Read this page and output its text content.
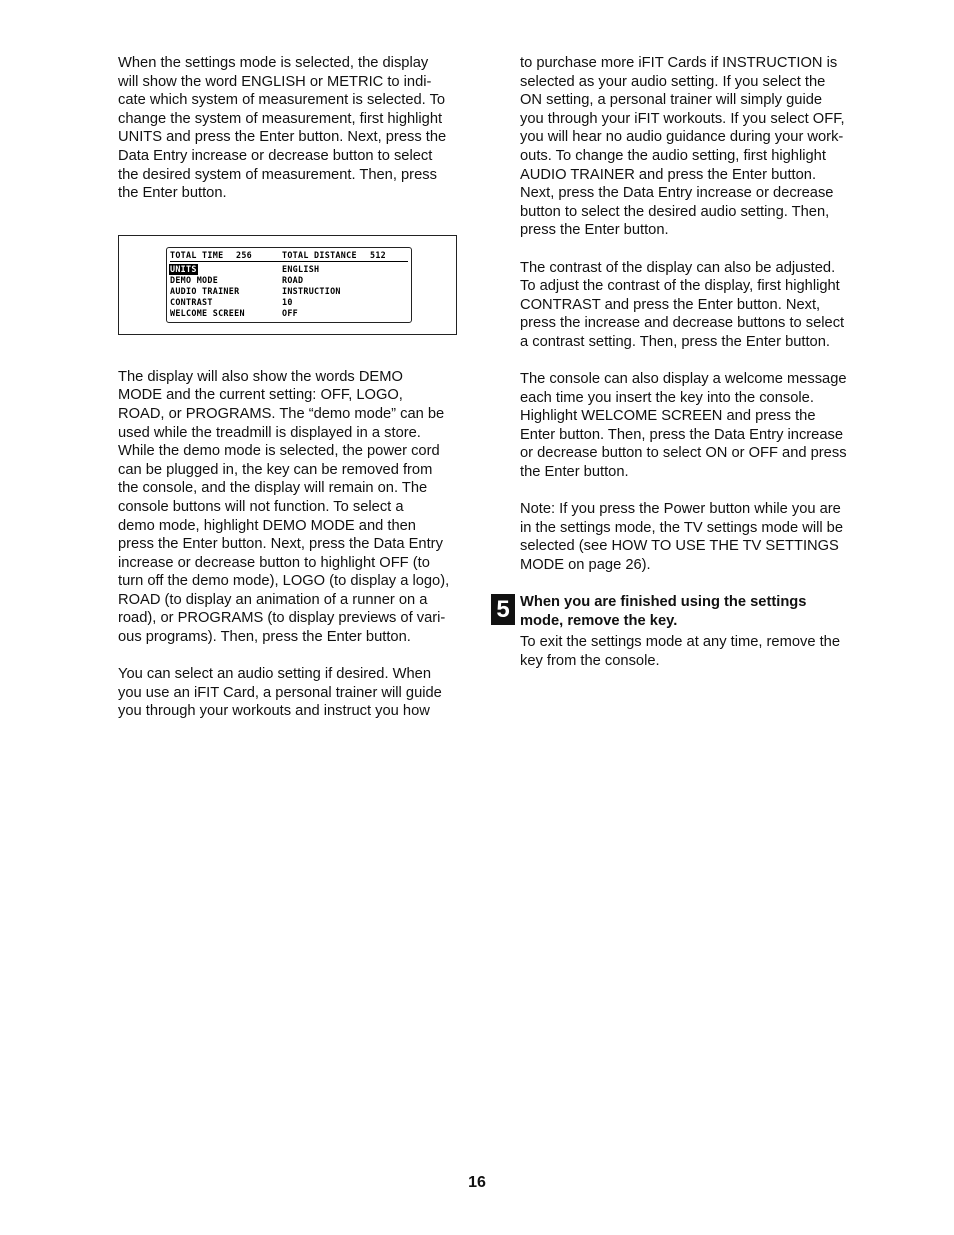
When the settings mode is selected, the display
will show the word ENGLISH or METRIC to indi-
cate which system of measurement is selected. To
change the system of measurement, first highlight
UNITS and press the Enter button. Next, press the
Data Entry increase or decrease button to select
the desired system of measurement. Then, press
the Enter button.

TOTAL TIME 256	TOTAL DISTANCE 512
UNITS	ENGLISH
DEMO MODE	ROAD
AUDIO TRAINER	INSTRUCTION
CONTRAST	10
WELCOME SCREEN	OFF

The display will also show the words DEMO
MODE and the current setting: OFF, LOGO,
ROAD, or PROGRAMS. The “demo mode” can be
used while the treadmill is displayed in a store.
While the demo mode is selected, the power cord
can be plugged in, the key can be removed from
the console, and the display will remain on. The
console buttons will not function. To select a
demo mode, highlight DEMO MODE and then
press the Enter button. Next, press the Data Entry
increase or decrease button to highlight OFF (to
turn off the demo mode), LOGO (to display a logo),
ROAD (to display an animation of a runner on a
road), or PROGRAMS (to display previews of vari-
ous programs). Then, press the Enter button.

You can select an audio setting if desired. When
you use an iFIT Card, a personal trainer will guide
you through your workouts and instruct you how

to purchase more iFIT Cards if INSTRUCTION is
selected as your audio setting. If you select the
ON setting, a personal trainer will simply guide
you through your iFIT workouts. If you select OFF,
you will hear no audio guidance during your work-
outs. To change the audio setting, first highlight
AUDIO TRAINER and press the Enter button.
Next, press the Data Entry increase or decrease
button to select the desired audio setting. Then,
press the Enter button.

The contrast of the display can also be adjusted.
To adjust the contrast of the display, first highlight
CONTRAST and press the Enter button. Next,
press the increase and decrease buttons to select
a contrast setting. Then, press the Enter button.

The console can also display a welcome message
each time you insert the key into the console.
Highlight WELCOME SCREEN and press the
Enter button. Then, press the Data Entry increase
or decrease button to select ON or OFF and press
the Enter button.

Note: If you press the Power button while you are
in the settings mode, the TV settings mode will be
selected (see HOW TO USE THE TV SETTINGS
MODE on page 26).

5 When you are finished using the settings
mode, remove the key.

To exit the settings mode at any time, remove the
key from the console.

16
